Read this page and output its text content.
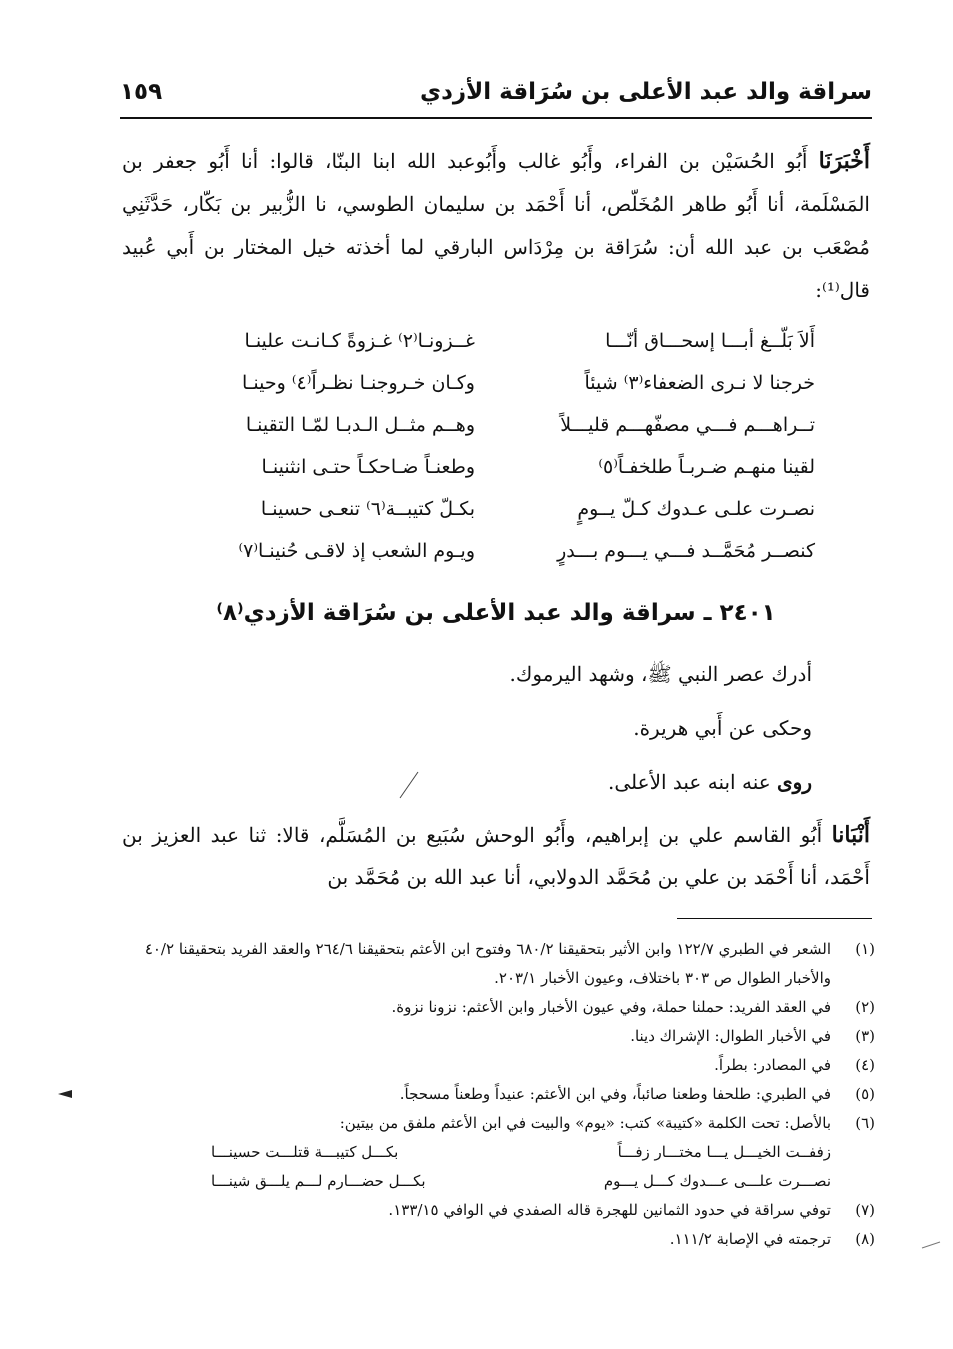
سراقة والد عبد الأعلى بن سُرَاقة الأزدي
١٥٩
أَخْبَرَنَا أَبُو الحُسَيْن بن الفراء، وأَبُو غالب وأَبُوعبد الله ابنا البنّا، قالوا: أنا أَبُو جعفر بن المَسْلَمة، أنا أَبُو طاهر المُخَلّص، أنا أَحْمَد بن سليمان الطوسي، نا الزُّبير بن بَكّار، حَدَّثَنِي مُصْعَب بن عبد الله أن: سُرَاقة بن مِرْدَاس البارقي لما أخذته خيل المختار بن أَبي عُبيد قال⁽¹⁾:
أَلاَ بَلّــغ أبـــا إسحـــاق أنّـــا
غــزونـا⁽٢⁾ غـزوةً كـانـت علينـا
خرجنا لا نـرى الضعفاء⁽٣⁾ شيئاً
وكـان خـروجنـا نظـراً⁽٤⁾ وحينـا
تــراهـــم فـــي مصفّهـــم قليـــلاً
وهــم مثــل الـدبـا لمّـا التقينـا
لقينا منهـم ضـربـاً طلخفـاً⁽٥⁾
وطعنـاً ضـاحكـاً حتـى انثنينـا
نصـرت علـى عـدوك كـلّ يــومٍ
بكـلّ كتيبــة⁽٦⁾ تنعـى حسينـا
كنصــر مُحَمَّــد فـــي يـــوم بـــدرٍ
ويـوم الشعب إذ لاقـى حُنينـا⁽٧⁾
٢٤٠١ ـ سراقة والد عبد الأعلى بن سُرَاقة الأزدي⁽٨⁾
أدرك عصر النبي ﷺ، وشهد اليرموك.
وحكى عن أَبي هريرة.
روى عنه ابنه عبد الأعلى.
أَنْبَانا أَبُو القاسم علي بن إبراهيم، وأَبُو الوحش سُبَيع بن المُسَلَّم، قالا: ثنا عبد العزيز بن أَحْمَد، أنا أَحْمَد بن علي بن مُحَمَّد الدولابي، أنا عبد الله بن مُحَمَّد بن
(١)
الشعر في الطبري ١٢٢/٧ وابن الأثير بتحقيقنا ٦٨٠/٢ وفتوح ابن الأعثم بتحقيقنا ٢٦٤/٦ والعقد الفريد بتحقيقنا ٤٠/٢ والأخبار الطوال ص ٣٠٣ باختلاف، وعيون الأخبار ٢٠٣/١.
(٢)
في العقد الفريد: حملنا حملة، وفي عيون الأخبار وابن الأعثم: نزونا نزوة.
(٣)
في الأخبار الطوال: الإشراك دينا.
(٤)
في المصادر: بطراً.
(٥)
في الطبري: طلحفا وطعنا صائباً، وفي ابن الأعثم: عنيداً وطعناً مسحجاً.
(٦)
بالأصل: تحت الكلمة «كتيبة» كتب: «يوم» والبيت في ابن الأعثم ملفق من بيتين:
زففــت الخيـــل يـــا مختـــار زفـــاً
بكـــل كتيبـــة قتلـــت حسينـــا
نصـــرت علـــى عـــدوك كـــل يـــوم
بكـــل حضـــارم لـــم يلـــق شينـــا
(٧)
توفي سراقة في حدود الثمانين للهجرة قاله الصفدي في الوافي ١٣٣/١٥.
(٨)
ترجمته في الإصابة ١١١/٢.
